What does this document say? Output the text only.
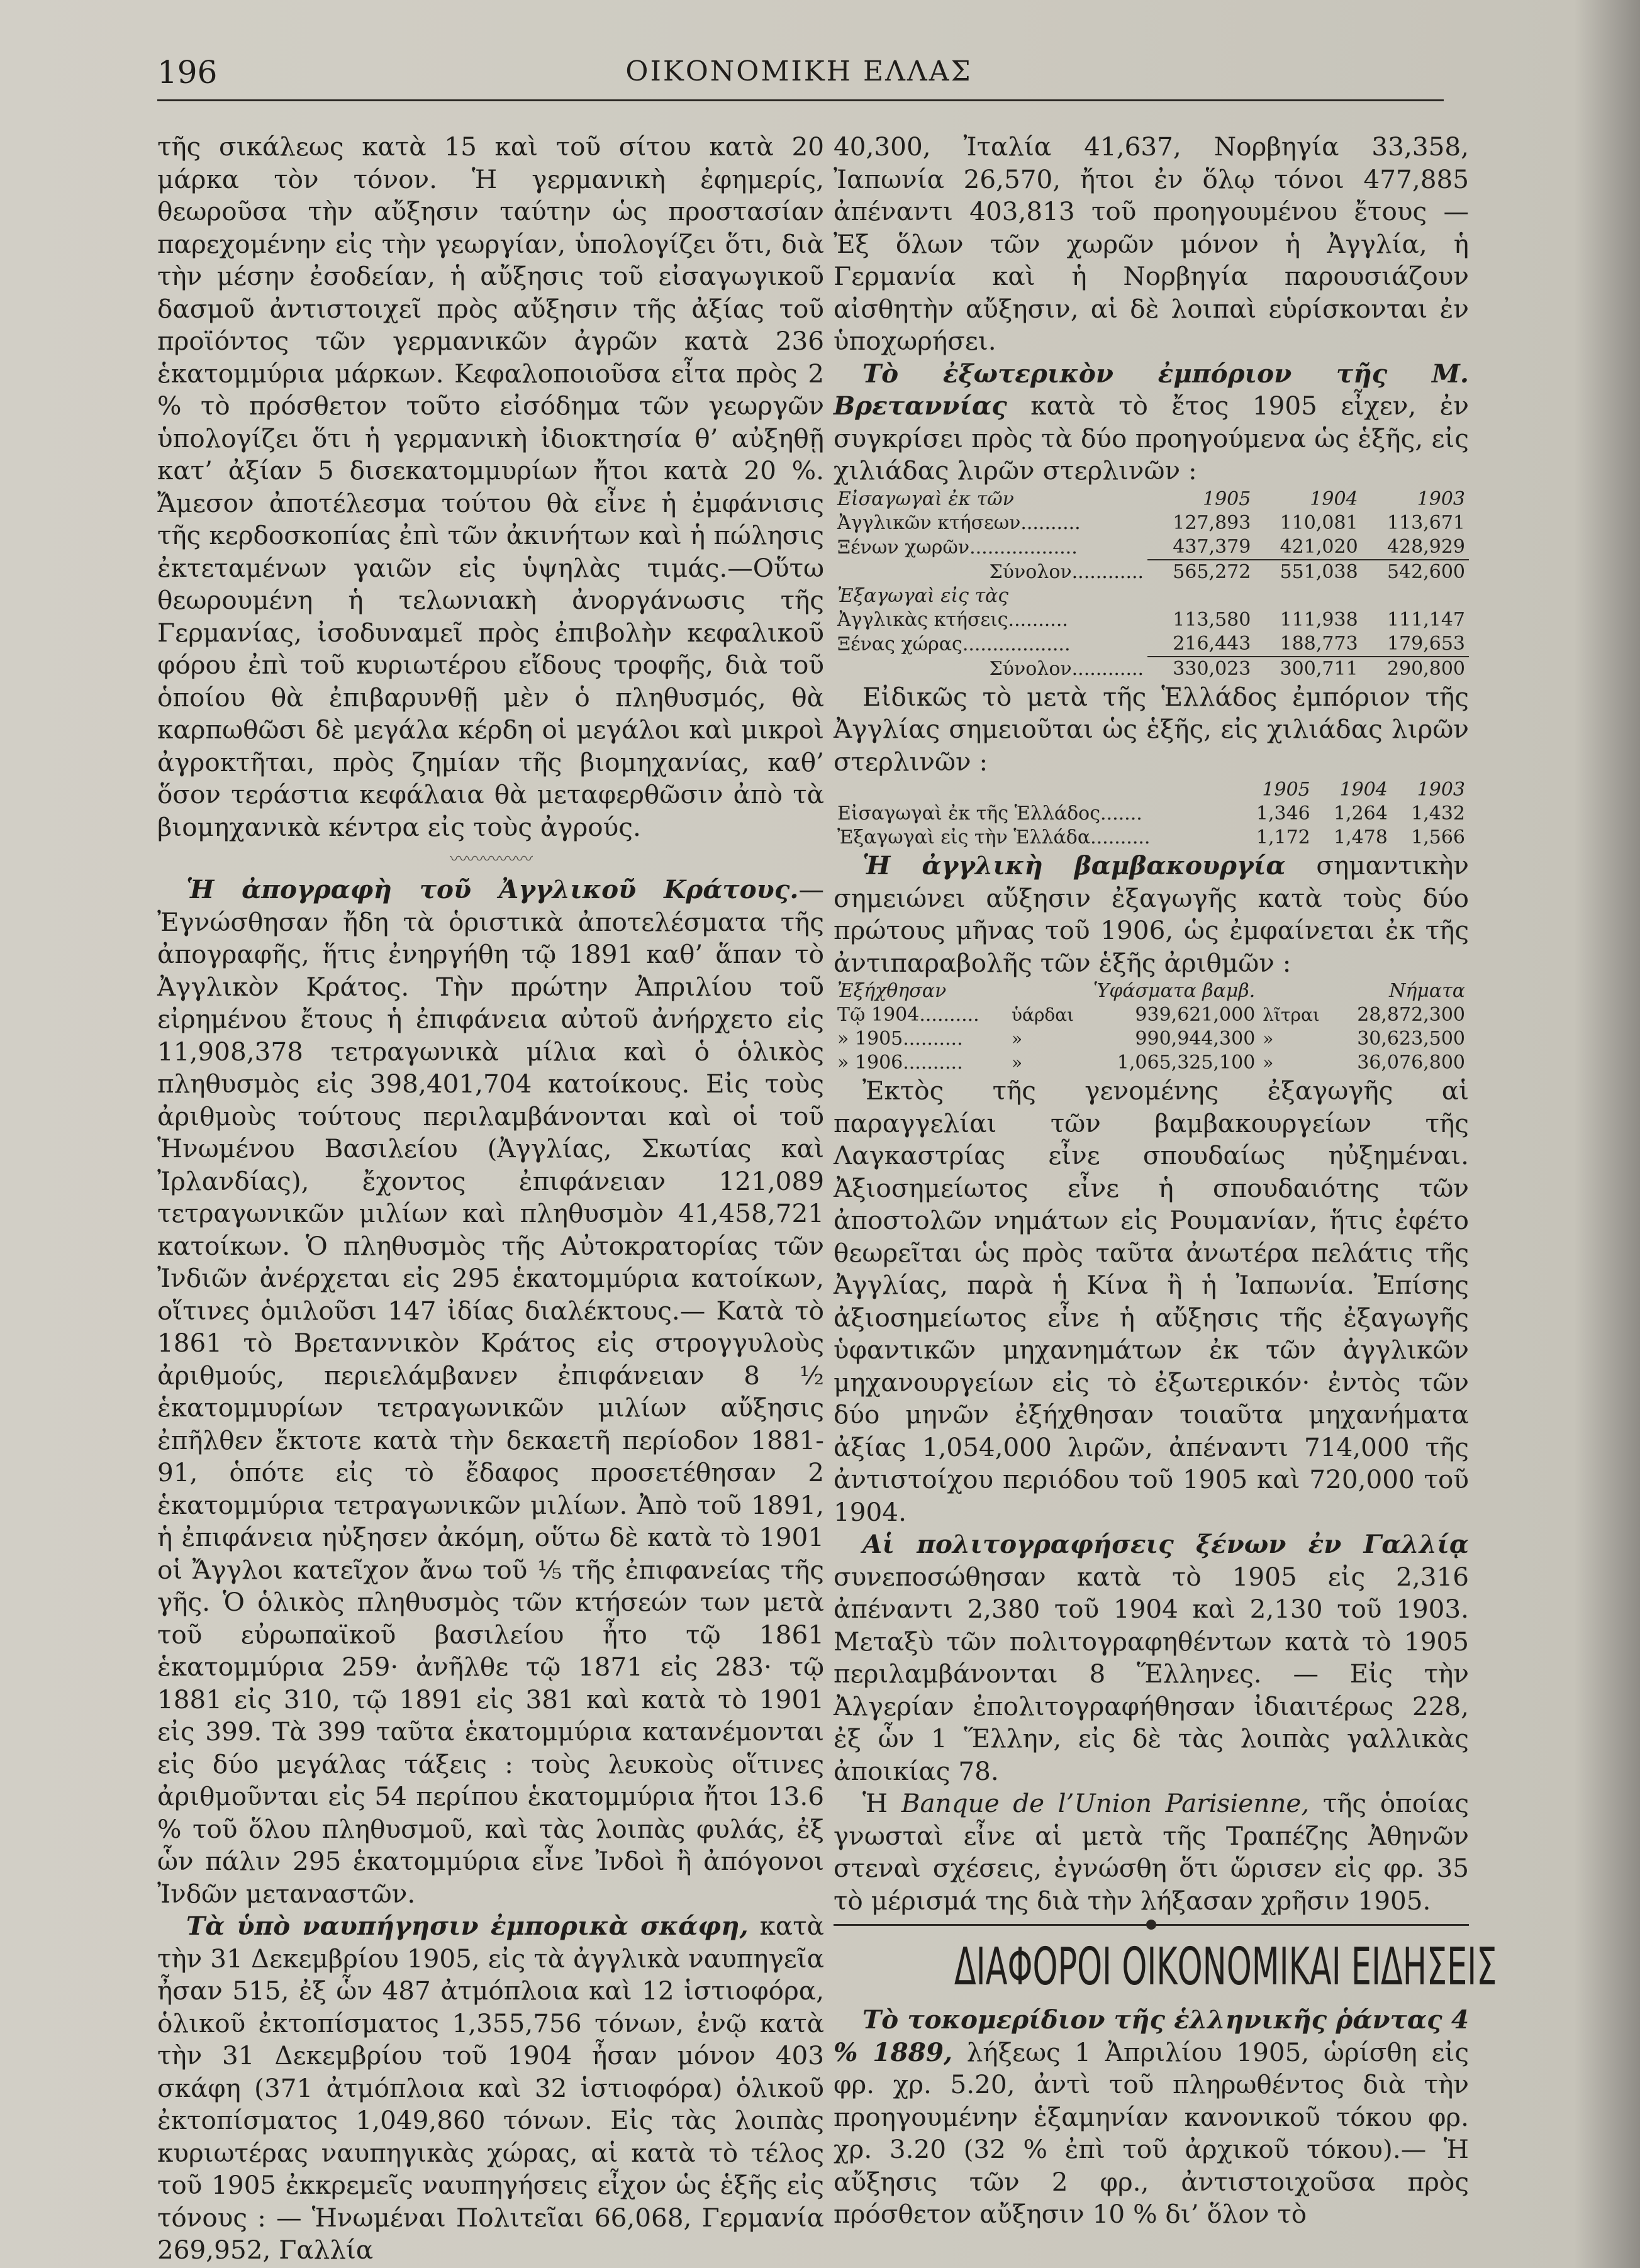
196	ΟΙΚΟΝΟΜΙΚΗ ΕΛΛΑΣ

τῆς σικάλεως κατὰ 15 καὶ τοῦ σίτου κατὰ 20 μάρκα τὸν τόνον. Ἡ γερμανικὴ ἐφημερίς, θεωροῦσα τὴν αὔξησιν ταύτην ὡς προστασίαν παρεχομένην εἰς τὴν γεωργίαν, ὑπολογίζει ὅτι, διὰ τὴν μέσην ἐσοδείαν, ἡ αὔξησις τοῦ εἰσαγωγικοῦ δασμοῦ ἀντιστοιχεῖ πρὸς αὔξησιν τῆς ἀξίας τοῦ προϊόντος τῶν γερμανικῶν ἀγρῶν κατὰ 236 ἑκατομμύρια μάρκων. Κεφαλοποιοῦσα εἶτα πρὸς 2 % τὸ πρόσθετον τοῦτο εἰσόδημα τῶν γεωργῶν ὑπολογίζει ὅτι ἡ γερμανικὴ ἰδιοκτησία θ’ αὐξηθῇ κατ’ ἀξίαν 5 δισεκατομμυρίων ἤτοι κατὰ 20 %. Ἄμεσον ἀποτέλεσμα τούτου θὰ εἶνε ἡ ἐμφάνισις τῆς κερδοσκοπίας ἐπὶ τῶν ἀκινήτων καὶ ἡ πώλησις ἐκτεταμένων γαιῶν εἰς ὑψηλὰς τιμάς.—Οὕτω θεωρουμένη ἡ τελωνιακὴ ἀνοργάνωσις τῆς Γερμανίας, ἰσοδυναμεῖ πρὸς ἐπιβολὴν κεφαλικοῦ φόρου ἐπὶ τοῦ κυριωτέρου εἴδους τροφῆς, διὰ τοῦ ὁποίου θὰ ἐπιβαρυνθῇ μὲν ὁ πληθυσμός, θὰ καρπωθῶσι δὲ μεγάλα κέρδη οἱ μεγάλοι καὶ μικροὶ ἀγροκτῆται, πρὸς ζημίαν τῆς βιομηχανίας, καθ’ ὅσον τεράστια κεφάλαια θὰ μεταφερθῶσιν ἀπὸ τὰ βιομηχανικὰ κέντρα εἰς τοὺς ἀγρούς.

〰〰〰〰〰

Ἡ ἀπογραφὴ τοῦ Ἀγγλικοῦ Κράτους.— Ἐγνώσθησαν ἤδη τὰ ὁριστικὰ ἀποτελέσματα τῆς ἀπογραφῆς, ἥτις ἐνηργήθη τῷ 1891 καθ’ ἅπαν τὸ Ἀγγλικὸν Κράτος. Τὴν πρώτην Ἀπριλίου τοῦ εἰρημένου ἔτους ἡ ἐπιφάνεια αὐτοῦ ἀνήρχετο εἰς 11,908,378 τετραγωνικὰ μίλια καὶ ὁ ὁλικὸς πληθυσμὸς εἰς 398,401,704 κατοίκους. Εἰς τοὺς ἀριθμοὺς τούτους περιλαμβάνονται καὶ οἱ τοῦ Ἡνωμένου Βασιλείου (Ἀγγλίας, Σκωτίας καὶ Ἰρλανδίας), ἔχοντος ἐπιφάνειαν 121,089 τετραγωνικῶν μιλίων καὶ πληθυσμὸν 41,458,721 κατοίκων. Ὁ πληθυσμὸς τῆς Αὐτοκρατορίας τῶν Ἰνδιῶν ἀνέρχεται εἰς 295 ἑκατομμύρια κατοίκων, οἵτινες ὁμιλοῦσι 147 ἰδίας διαλέκτους.— Κατὰ τὸ 1861 τὸ Βρεταννικὸν Κράτος εἰς στρογγυλοὺς ἀριθμούς, περιελάμβανεν ἐπιφάνειαν 8 ½ ἑκατομμυρίων τετραγωνικῶν μιλίων αὔξησις ἐπῆλθεν ἔκτοτε κατὰ τὴν δεκαετῆ περίοδον 1881-91, ὁπότε εἰς τὸ ἔδαφος προσετέθησαν 2 ἑκατομμύρια τετραγωνικῶν μιλίων. Ἀπὸ τοῦ 1891, ἡ ἐπιφάνεια ηὐξησεν ἀκόμη, οὕτω δὲ κατὰ τὸ 1901 οἱ Ἄγγλοι κατεῖχον ἄνω τοῦ ⅕ τῆς ἐπιφανείας τῆς γῆς. Ὁ ὁλικὸς πληθυσμὸς τῶν κτήσεών των μετὰ τοῦ εὐρωπαϊκοῦ βασιλείου ἦτο τῷ 1861 ἑκατομμύρια 259· ἀνῆλθε τῷ 1871 εἰς 283· τῷ 1881 εἰς 310, τῷ 1891 εἰς 381 καὶ κατὰ τὸ 1901 εἰς 399. Τὰ 399 ταῦτα ἑκατομμύρια κατανέμονται εἰς δύο μεγάλας τάξεις : τοὺς λευκοὺς οἵτινες ἀριθμοῦνται εἰς 54 περίπου ἑκατομμύρια ἤτοι 13.6 % τοῦ ὅλου πληθυσμοῦ, καὶ τὰς λοιπὰς φυλάς, ἐξ ὧν πάλιν 295 ἑκατομμύρια εἶνε Ἰνδοὶ ἢ ἀπόγονοι Ἰνδῶν μεταναστῶν.

Τὰ ὑπὸ ναυπήγησιν ἐμπορικὰ σκάφη, κατὰ τὴν 31 Δεκεμβρίου 1905, εἰς τὰ ἀγγλικὰ ναυπηγεῖα ἦσαν 515, ἐξ ὧν 487 ἀτμόπλοια καὶ 12 ἱστιοφόρα, ὁλικοῦ ἐκτοπίσματος 1,355,756 τόνων, ἐνῷ κατὰ τὴν 31 Δεκεμβρίου τοῦ 1904 ἦσαν μόνον 403 σκάφη (371 ἀτμόπλοια καὶ 32 ἱστιοφόρα) ὁλικοῦ ἐκτοπίσματος 1,049,860 τόνων. Εἰς τὰς λοιπὰς κυριωτέρας ναυπηγικὰς χώρας, αἱ κατὰ τὸ τέλος τοῦ 1905 ἐκκρεμεῖς ναυπηγήσεις εἶχον ὡς ἑξῆς εἰς τόνους : — Ἡνωμέναι Πολιτεῖαι 66,068, Γερμανία 269,952, Γαλλία

40,300, Ἰταλία 41,637, Νορβηγία 33,358, Ἰαπωνία 26,570, ἤτοι ἐν ὅλῳ τόνοι 477,885 ἀπέναντι 403,813 τοῦ προηγουμένου ἔτους — Ἐξ ὅλων τῶν χωρῶν μόνον ἡ Ἀγγλία, ἡ Γερμανία καὶ ἡ Νορβηγία παρουσιάζουν αἰσθητὴν αὔξησιν, αἱ δὲ λοιπαὶ εὑρίσκονται ἐν ὑποχωρήσει.

Τὸ ἐξωτερικὸν ἐμπόριον τῆς Μ. Βρεταννίας κατὰ τὸ ἔτος 1905 εἶχεν, ἐν συγκρίσει πρὸς τὰ δύο προηγούμενα ὡς ἑξῆς, εἰς χιλιάδας λιρῶν στερλινῶν :

Εἰσαγωγαὶ ἐκ τῶν	1905	1904	1903
Ἀγγλικῶν κτήσεων..........	127,893	110,081	113,671
Ξένων χωρῶν..................	437,379	421,020	428,929
Σύνολον............	565,272	551,038	542,600
Ἐξαγωγαὶ εἰς τὰς			
Ἀγγλικὰς κτήσεις..........	113,580	111,938	111,147
Ξένας χώρας..................	216,443	188,773	179,653
Σύνολον............	330,023	300,711	290,800

Εἰδικῶς τὸ μετὰ τῆς Ἑλλάδος ἐμπόριον τῆς Ἀγγλίας σημειοῦται ὡς ἑξῆς, εἰς χιλιάδας λιρῶν στερλινῶν :

	1905	1904	1903
Εἰσαγωγαὶ ἐκ τῆς Ἑλλάδος.......	1,346	1,264	1,432
Ἐξαγωγαὶ εἰς τὴν Ἑλλάδα..........	1,172	1,478	1,566

Ἡ ἀγγλικὴ βαμβακουργία σημαντικὴν σημειώνει αὔξησιν ἐξαγωγῆς κατὰ τοὺς δύο πρώτους μῆνας τοῦ 1906, ὡς ἐμφαίνεται ἐκ τῆς ἀντιπαραβολῆς τῶν ἑξῆς ἀριθμῶν :

Ἐξήχθησαν	Ὑφάσματα βαμβ.		Νήματα	
Τῷ 1904..........	ὑάρδαι	939,621,000	λῖτραι	28,872,300
» 1905..........	»	990,944,300	»	30,623,500
» 1906..........	»	1,065,325,100	»	36,076,800

Ἐκτὸς τῆς γενομένης ἐξαγωγῆς αἱ παραγγελίαι τῶν βαμβακουργείων τῆς Λαγκαστρίας εἶνε σπουδαίως ηὐξημέναι. Ἀξιοσημείωτος εἶνε ἡ σπουδαιότης τῶν ἀποστολῶν νημάτων εἰς Ρουμανίαν, ἥτις ἐφέτο θεωρεῖται ὡς πρὸς ταῦτα ἀνωτέρα πελάτις τῆς Ἀγγλίας, παρὰ ἡ Κίνα ἢ ἡ Ἰαπωνία. Ἐπίσης ἀξιοσημείωτος εἶνε ἡ αὔξησις τῆς ἐξαγωγῆς ὑφαντικῶν μηχανημάτων ἐκ τῶν ἀγγλικῶν μηχανουργείων εἰς τὸ ἐξωτερικόν· ἐντὸς τῶν δύο μηνῶν ἐξήχθησαν τοιαῦτα μηχανήματα ἀξίας 1,054,000 λιρῶν, ἀπέναντι 714,000 τῆς ἀντιστοίχου περιόδου τοῦ 1905 καὶ 720,000 τοῦ 1904.

Αἱ πολιτογραφήσεις ξένων ἐν Γαλλίᾳ συνεποσώθησαν κατὰ τὸ 1905 εἰς 2,316 ἀπέναντι 2,380 τοῦ 1904 καὶ 2,130 τοῦ 1903. Μεταξὺ τῶν πολιτογραφηθέντων κατὰ τὸ 1905 περιλαμβάνονται 8 Ἕλληνες. — Εἰς τὴν Ἀλγερίαν ἐπολιτογραφήθησαν ἰδιαιτέρως 228, ἐξ ὧν 1 Ἕλλην, εἰς δὲ τὰς λοιπὰς γαλλικὰς ἀποικίας 78.

Ἡ Banque de l’Union Parisienne, τῆς ὁποίας γνωσταὶ εἶνε αἱ μετὰ τῆς Τραπέζης Ἀθηνῶν στεναὶ σχέσεις, ἐγνώσθη ὅτι ὥρισεν εἰς φρ. 35 τὸ μέρισμά της διὰ τὴν λήξασαν χρῆσιν 1905.

ΔΙΑΦΟΡΟΙ ΟΙΚΟΝΟΜΙΚΑΙ ΕΙΔΗΣΕΙΣ

Τὸ τοκομερίδιον τῆς ἑλληνικῆς ῥάντας 4 % 1889, λήξεως 1 Ἀπριλίου 1905, ὡρίσθη εἰς φρ. χρ. 5.20, ἀντὶ τοῦ πληρωθέντος διὰ τὴν προηγουμένην ἑξαμηνίαν κανονικοῦ τόκου φρ. χρ. 3.20 (32 % ἐπὶ τοῦ ἀρχικοῦ τόκου).— Ἡ αὔξησις τῶν 2 φρ., ἀντιστοιχοῦσα πρὸς πρόσθετον αὔξησιν 10 % δι’ ὅλον τὸ
